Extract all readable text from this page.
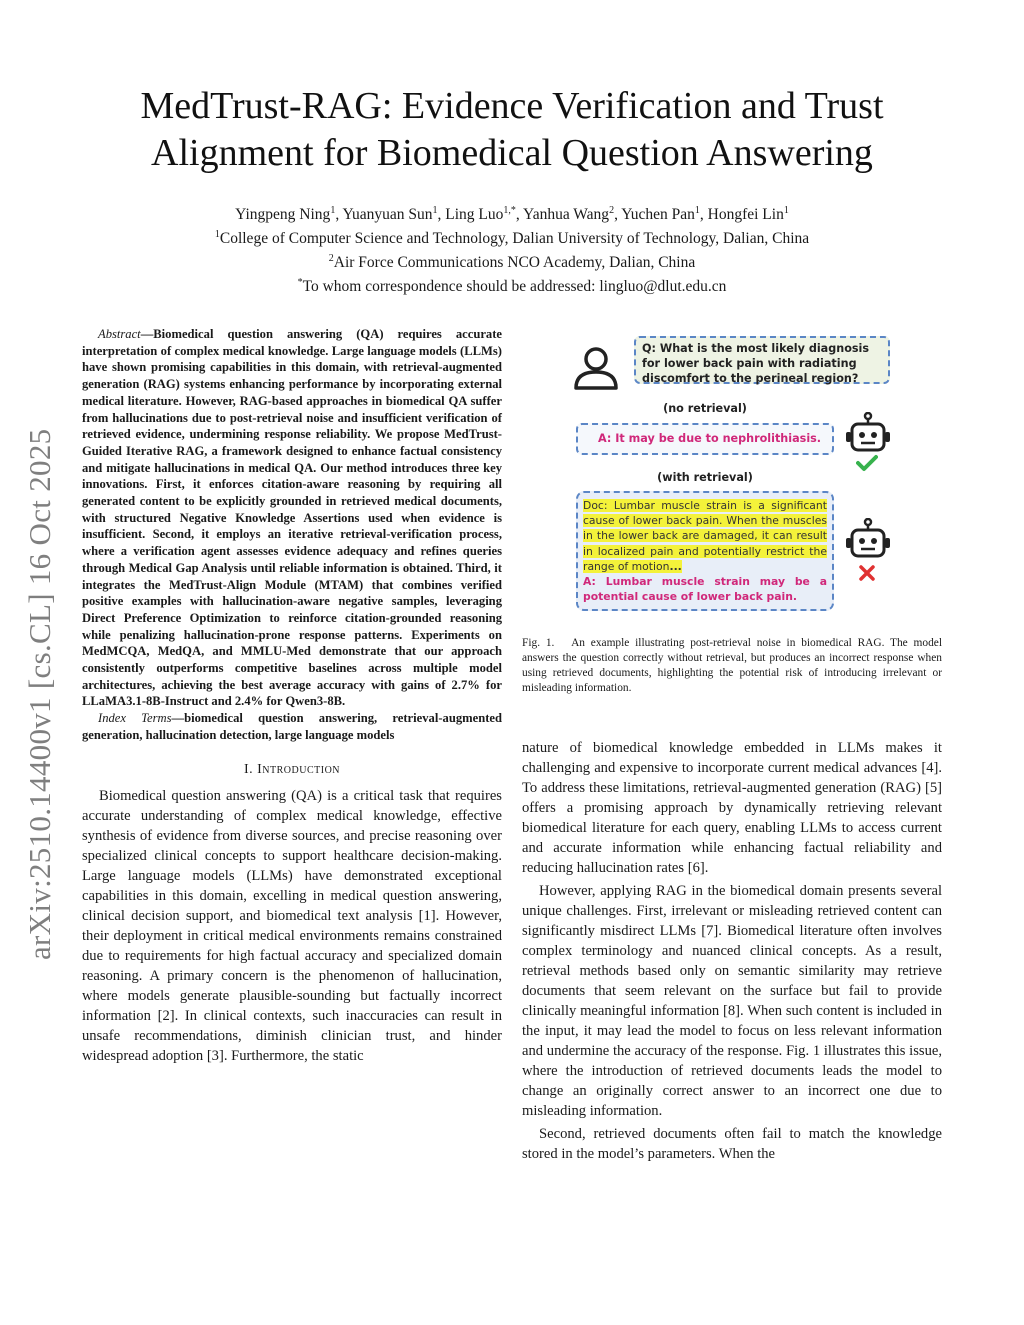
arXiv:2510.14400v1 [cs.CL] 16 Oct 2025
MedTrust-RAG: Evidence Verification and Trust
Alignment for Biomedical Question Answering
Yingpeng Ning$^1$, Yuanyuan Sun$^1$, Ling Luo$^{1,*}$, Yanhua Wang$^2$, Yuchen Pan$^1$, Hongfei Lin$^1$
$^1$College of Computer Science and Technology, Dalian University of Technology, Dalian, China
$^2$Air Force Communications NCO Academy, Dalian, China
*To whom correspondence should be addressed: lingluo@dlut.edu.cn

Abstract—Biomedical question answering (QA) requires accurate interpretation of complex medical knowledge. Large language models (LLMs) have shown promising capabilities in this domain, with retrieval-augmented generation (RAG) systems enhancing performance by incorporating external medical literature. However, RAG-based approaches in biomedical QA suffer from hallucinations due to post-retrieval noise and insufficient verification of retrieved evidence, undermining response reliability. We propose MedTrust-Guided Iterative RAG, a framework designed to enhance factual consistency and mitigate hallucinations in medical QA. Our method introduces three key innovations. First, it enforces citation-aware reasoning by requiring all generated content to be explicitly grounded in retrieved medical documents, with structured Negative Knowledge Assertions used when evidence is insufficient. Second, it employs an iterative retrieval-verification process, where a verification agent assesses evidence adequacy and refines queries through Medical Gap Analysis until reliable information is obtained. Third, it integrates the MedTrust-Align Module (MTAM) that combines verified positive examples with hallucination-aware negative samples, leveraging Direct Preference Optimization to reinforce citation-grounded reasoning while penalizing hallucination-prone response patterns. Experiments on MedMCQA, MedQA, and MMLU-Med demonstrate that our approach consistently outperforms competitive baselines across multiple model architectures, achieving the best average accuracy with gains of 2.7% for LLaMA3.1-8B-Instruct and 2.4% for Qwen3-8B.

Index Terms—biomedical question answering, retrieval-augmented generation, hallucination detection, large language models

I. Introduction

Biomedical question answering (QA) is a critical task that requires accurate understanding of complex medical knowledge, effective synthesis of evidence from diverse sources, and precise reasoning over specialized clinical concepts to support healthcare decision-making. Large language models (LLMs) have demonstrated exceptional capabilities in this domain, excelling in medical question answering, clinical decision support, and biomedical text analysis [1]. However, their deployment in critical medical environments remains constrained due to requirements for high factual accuracy and specialized domain reasoning. A primary concern is the phenomenon of hallucination, where models generate plausible-sounding but factually incorrect information [2]. In clinical contexts, such inaccuracies can result in unsafe recommendations, diminish clinician trust, and hinder widespread adoption [3]. Furthermore, the static

Q: What is the most likely diagnosis for lower back pain with radiating discomfort to the perineal region?
(no retrieval)
A: It may be due to nephrolithiasis.
(with retrieval)
Doc: Lumbar muscle strain is a significant cause of lower back pain. When the muscles in the lower back are damaged, it can result in localized pain and potentially restrict the range of motion...
A: Lumbar muscle strain may be a potential cause of lower back pain.
Fig. 1. An example illustrating post-retrieval noise in biomedical RAG. The model answers the question correctly without retrieval, but produces an incorrect response when using retrieved documents, highlighting the potential risk of introducing irrelevant or misleading information.

nature of biomedical knowledge embedded in LLMs makes it challenging and expensive to incorporate current medical advances [4]. To address these limitations, retrieval-augmented generation (RAG) [5] offers a promising approach by dynamically retrieving relevant biomedical literature for each query, enabling LLMs to access current and accurate information while enhancing factual reliability and reducing hallucination rates [6].

However, applying RAG in the biomedical domain presents several unique challenges. First, irrelevant or misleading retrieved content can significantly misdirect LLMs [7]. Biomedical literature often involves complex terminology and nuanced clinical concepts. As a result, retrieval methods based only on semantic similarity may retrieve documents that seem relevant on the surface but fail to provide clinically meaningful information [8]. When such content is included in the input, it may lead the model to focus on less relevant information and undermine the accuracy of the response. Fig. 1 illustrates this issue, where the introduction of retrieved documents leads the model to change an originally correct answer to an incorrect one due to misleading information.

Second, retrieved documents often fail to match the knowledge stored in the model’s parameters. When the
